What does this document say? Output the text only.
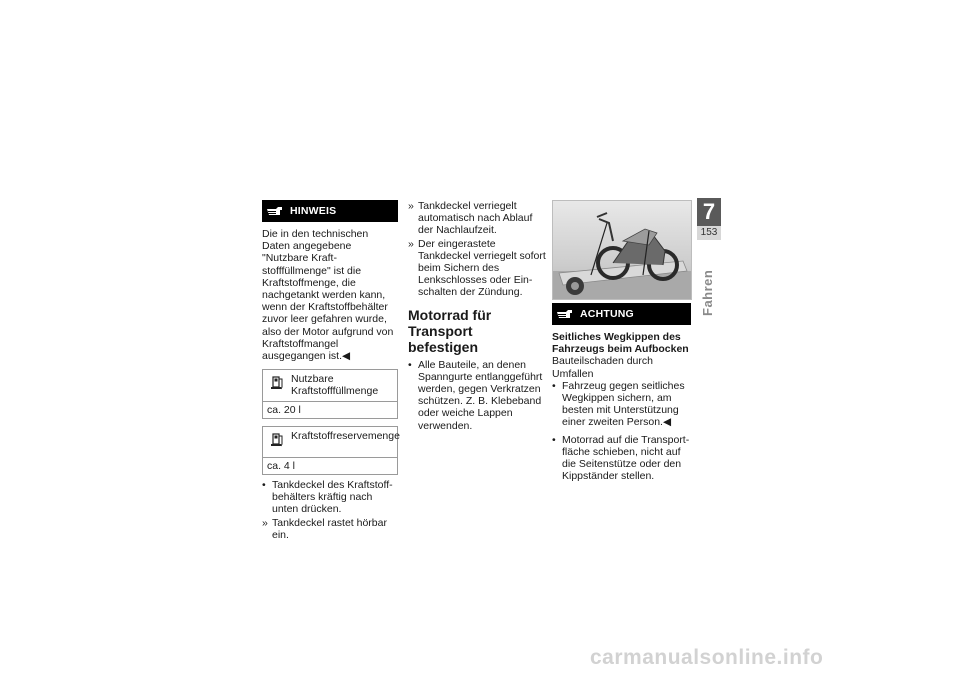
HINWEIS

Die in den technischen Daten angegebene "Nutzbare Kraftstofffüllmenge" ist die Kraftstoffmenge, die nachgetankt werden kann, wenn der Kraftstoffbehälter zuvor leer gefahren wurde, also der Motor aufgrund von Kraftstoffmangel ausgegangen ist.◀

Nutzbare Kraftstofffüllmenge
ca. 20 l
Kraftstoffreservemenge
ca. 4 l
• Tankdeckel des Kraftstoffbehälters kräftig nach unten drücken.
» Tankdeckel rastet hörbar ein.
» Tankdeckel verriegelt automatisch nach Ablauf der Nachlaufzeit.
» Der eingerastete Tankdeckel verriegelt sofort beim Sichern des Lenkschlosses oder Einschalten der Zündung.
Motorrad für Transport befestigen
• Alle Bauteile, an denen Spanngurte entlanggeführt werden, gegen Verkratzen schützen. Z. B. Klebeband oder weiche Lappen verwenden.
ACHTUNG
Seitliches Wegkippen des Fahrzeugs beim Aufbocken
Bauteilschaden durch Umfallen
• Fahrzeug gegen seitliches Wegkippen sichern, am besten mit Unterstützung einer zweiten Person.◀
• Motorrad auf die Transportfläche schieben, nicht auf die Seitenstütze oder den Kippständer stellen.
7
153
Fahren
carmanualsonline.info
